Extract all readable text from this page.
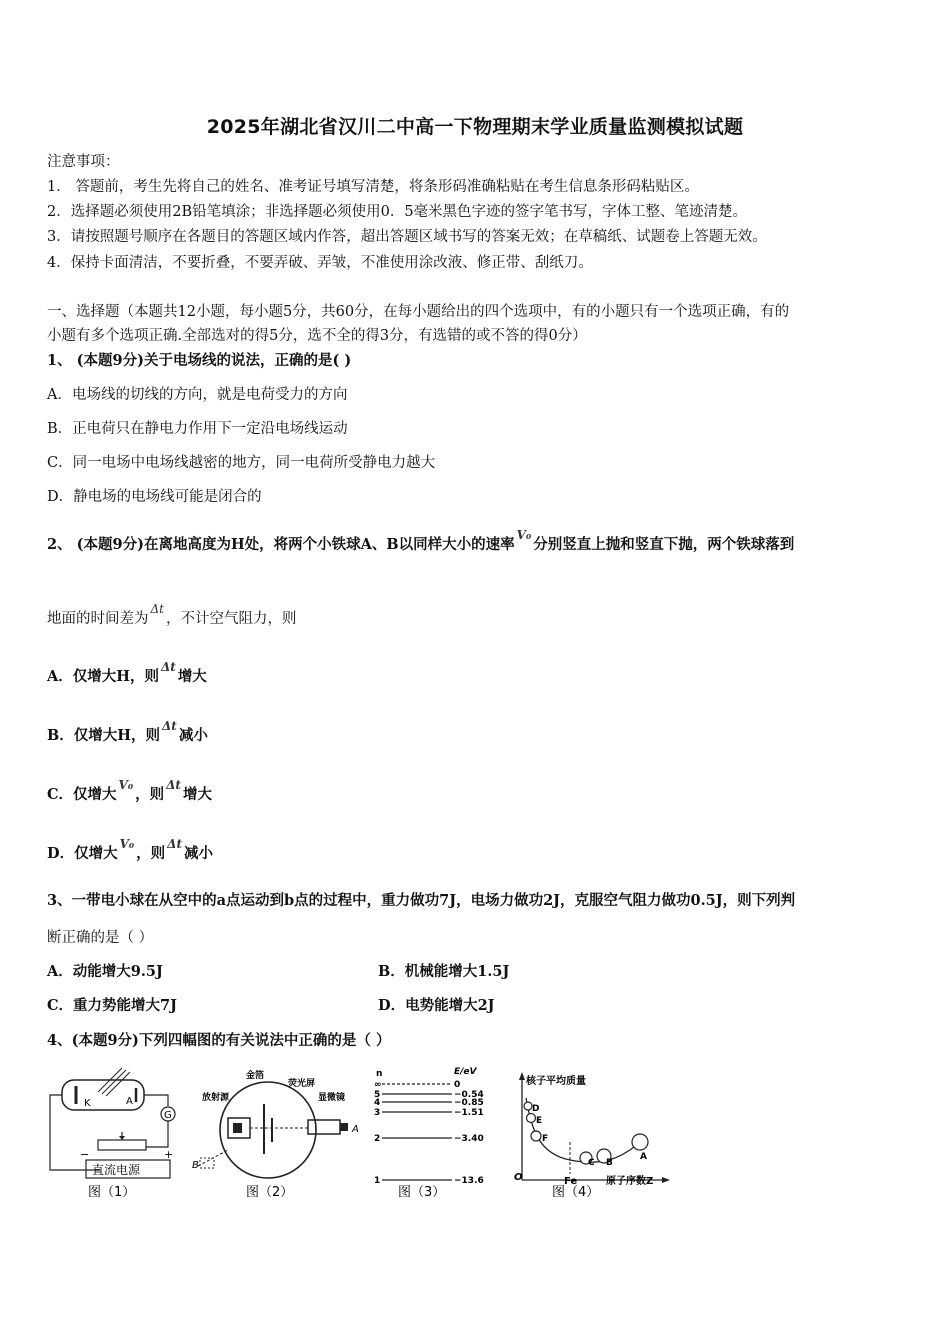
2025年湖北省汉川二中高一下物理期末学业质量监测模拟试题
注意事项：
1． 答题前，考生先将自己的姓名、准考证号填写清楚，将条形码准确粘贴在考生信息条形码粘贴区。
2．选择题必须使用2B铅笔填涂；非选择题必须使用0．5毫米黑色字迹的签字笔书写，字体工整、笔迹清楚。
3．请按照题号顺序在各题目的答题区域内作答，超出答题区域书写的答案无效；在草稿纸、试题卷上答题无效。
4．保持卡面清洁，不要折叠，不要弄破、弄皱，不准使用涂改液、修正带、刮纸刀。
一、选择题（本题共12小题，每小题5分，共60分，在每小题给出的四个选项中，有的小题只有一个选项正确，有的
小题有多个选项正确.全部选对的得5分，选不全的得3分，有选错的或不答的得0分）
1、 (本题9分)关于电场线的说法，正确的是( )
A．电场线的切线的方向，就是电荷受力的方向
B．正电荷只在静电力作用下一定沿电场线运动
C．同一电场中电场线越密的地方，同一电荷所受静电力越大
D．静电场的电场线可能是闭合的
2、 (本题9分)在离地高度为H处，将两个小铁球A、B以同样大小的速率$^{V_0}$分别竖直上抛和竖直下抛，两个铁球落到
地面的时间差为$^{\Delta t}$，不计空气阻力，则
A．仅增大H，则$^{\Delta t}$增大
B．仅增大H，则$^{\Delta t}$减小
C．仅增大$^{V_0}$，则$^{\Delta t}$增大
D．仅增大$^{V_0}$，则$^{\Delta t}$减小
3、一带电小球在从空中的a点运动到b点的过程中，重力做功7J，电场力做功2J，克服空气阻力做功0.5J，则下列判
断正确的是（ ）
A．动能增大9.5J	B．机械能增大1.5J
C．重力势能增大7J	D．电势能增大2J
4、(本题9分)下列四幅图的有关说法中正确的是（ ）
K	A
G
直流电源
−	+
图（1）
A
B
放射源
金箔
荧光屏
显微镜
图（2）
n	E/eV
图（3）
∞	0
5	−0.54
4	−0.85
3	−1.51
2	−3.40
1	−13.6
核子平均质量
原子序数Z
O	Fe
图（4）
D
E
F
C B
A
